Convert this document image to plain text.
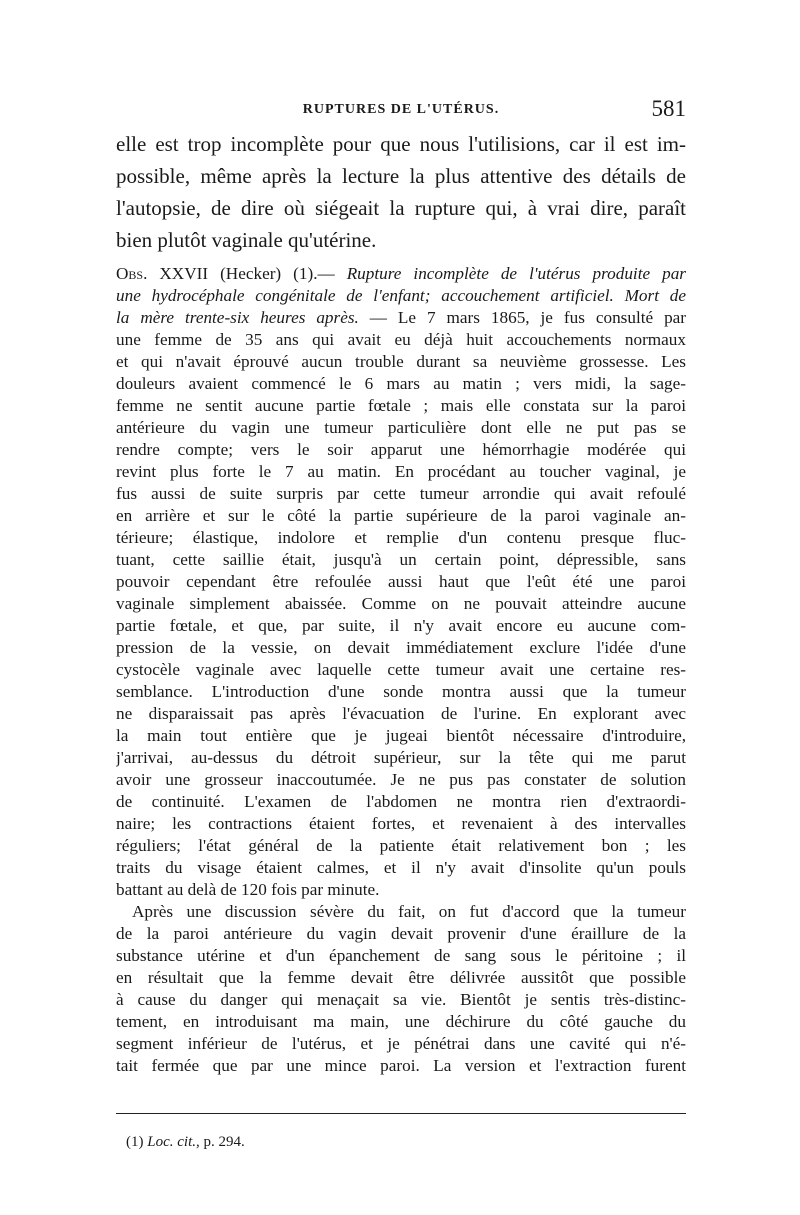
RUPTURES DE L'UTÉRUS.	581
elle est trop incomplète pour que nous l'utilisions, car il est im-
possible, même après la lecture la plus attentive des détails de
l'autopsie, de dire où siégeait la rupture qui, à vrai dire, paraît
bien plutôt vaginale qu'utérine.
Obs. XXVII (Hecker) (1).— Rupture incomplète de l'utérus produite par
une hydrocéphale congénitale de l'enfant; accouchement artificiel. Mort de
la mère trente-six heures après. — Le 7 mars 1865, je fus consulté par
une femme de 35 ans qui avait eu déjà huit accouchements normaux
et qui n'avait éprouvé aucun trouble durant sa neuvième grossesse. Les
douleurs avaient commencé le 6 mars au matin ; vers midi, la sage-
femme ne sentit aucune partie fœtale ; mais elle constata sur la paroi
antérieure du vagin une tumeur particulière dont elle ne put pas se
rendre compte; vers le soir apparut une hémorrhagie modérée qui
revint plus forte le 7 au matin. En procédant au toucher vaginal, je
fus aussi de suite surpris par cette tumeur arrondie qui avait refoulé
en arrière et sur le côté la partie supérieure de la paroi vaginale an-
térieure; élastique, indolore et remplie d'un contenu presque fluc-
tuant, cette saillie était, jusqu'à un certain point, dépressible, sans
pouvoir cependant être refoulée aussi haut que l'eût été une paroi
vaginale simplement abaissée. Comme on ne pouvait atteindre aucune
partie fœtale, et que, par suite, il n'y avait encore eu aucune com-
pression de la vessie, on devait immédiatement exclure l'idée d'une
cystocèle vaginale avec laquelle cette tumeur avait une certaine res-
semblance. L'introduction d'une sonde montra aussi que la tumeur
ne disparaissait pas après l'évacuation de l'urine. En explorant avec
la main tout entière que je jugeai bientôt nécessaire d'introduire,
j'arrivai, au-dessus du détroit supérieur, sur la tête qui me parut
avoir une grosseur inaccoutumée. Je ne pus pas constater de solution
de continuité. L'examen de l'abdomen ne montra rien d'extraordi-
naire; les contractions étaient fortes, et revenaient à des intervalles
réguliers; l'état général de la patiente était relativement bon ; les
traits du visage étaient calmes, et il n'y avait d'insolite qu'un pouls
battant au delà de 120 fois par minute.
Après une discussion sévère du fait, on fut d'accord que la tumeur
de la paroi antérieure du vagin devait provenir d'une éraillure de la
substance utérine et d'un épanchement de sang sous le péritoine ; il
en résultait que la femme devait être délivrée aussitôt que possible
à cause du danger qui menaçait sa vie. Bientôt je sentis très-distinc-
tement, en introduisant ma main, une déchirure du côté gauche du
segment inférieur de l'utérus, et je pénétrai dans une cavité qui n'é-
tait fermée que par une mince paroi. La version et l'extraction furent
(1) Loc. cit., p. 294.
